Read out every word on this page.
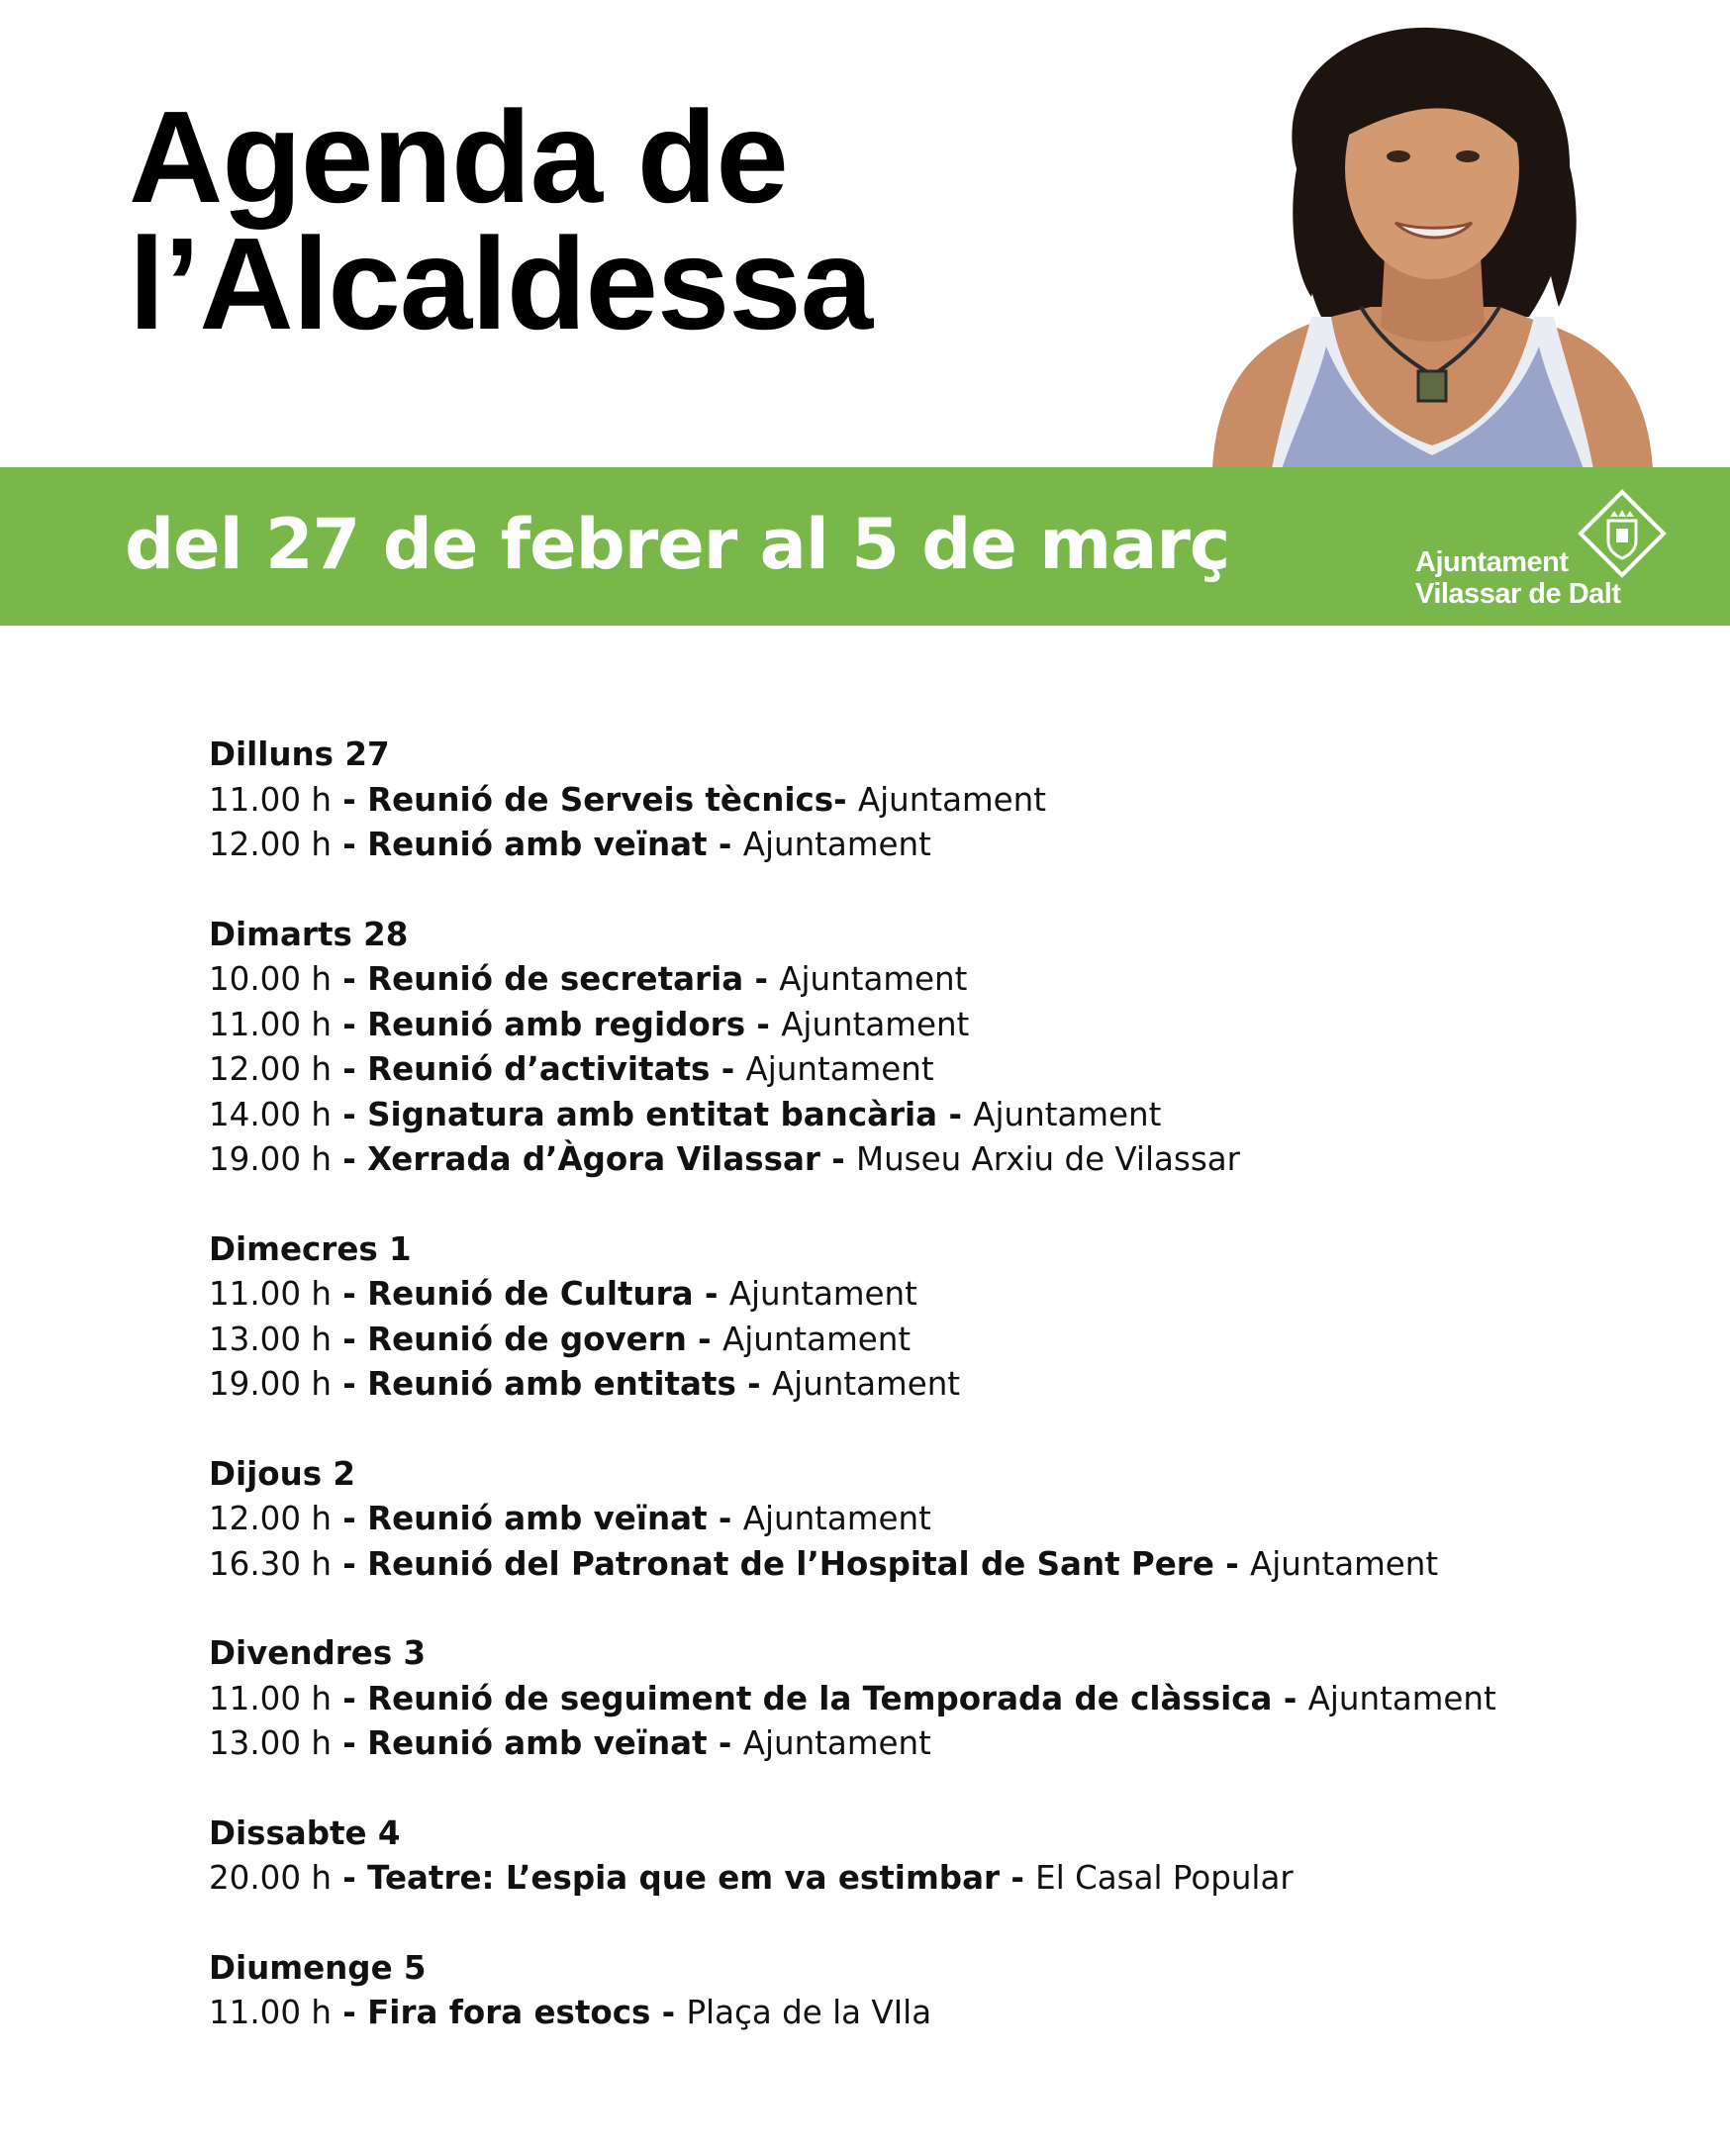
Agenda de
l’Alcaldessa
del 27 de febrer al 5 de març	Ajuntament
Vilassar de Dalt
Dilluns 27
11.00 h - Reunió de Serveis tècnics- Ajuntament
12.00 h - Reunió amb veïnat - Ajuntament
Dimarts 28
10.00 h - Reunió de secretaria - Ajuntament
11.00 h - Reunió amb regidors - Ajuntament
12.00 h - Reunió d’activitats - Ajuntament
14.00 h - Signatura amb entitat bancària - Ajuntament
19.00 h - Xerrada d’Àgora Vilassar - Museu Arxiu de Vilassar
Dimecres 1
11.00 h - Reunió de Cultura - Ajuntament
13.00 h - Reunió de govern - Ajuntament
19.00 h - Reunió amb entitats - Ajuntament
Dijous 2
12.00 h - Reunió amb veïnat - Ajuntament
16.30 h - Reunió del Patronat de l’Hospital de Sant Pere - Ajuntament
Divendres 3
11.00 h - Reunió de seguiment de la Temporada de clàssica - Ajuntament
13.00 h - Reunió amb veïnat - Ajuntament
Dissabte 4
20.00 h - Teatre: L’espia que em va estimbar - El Casal Popular
Diumenge 5
11.00 h - Fira fora estocs - Plaça de la VIla
